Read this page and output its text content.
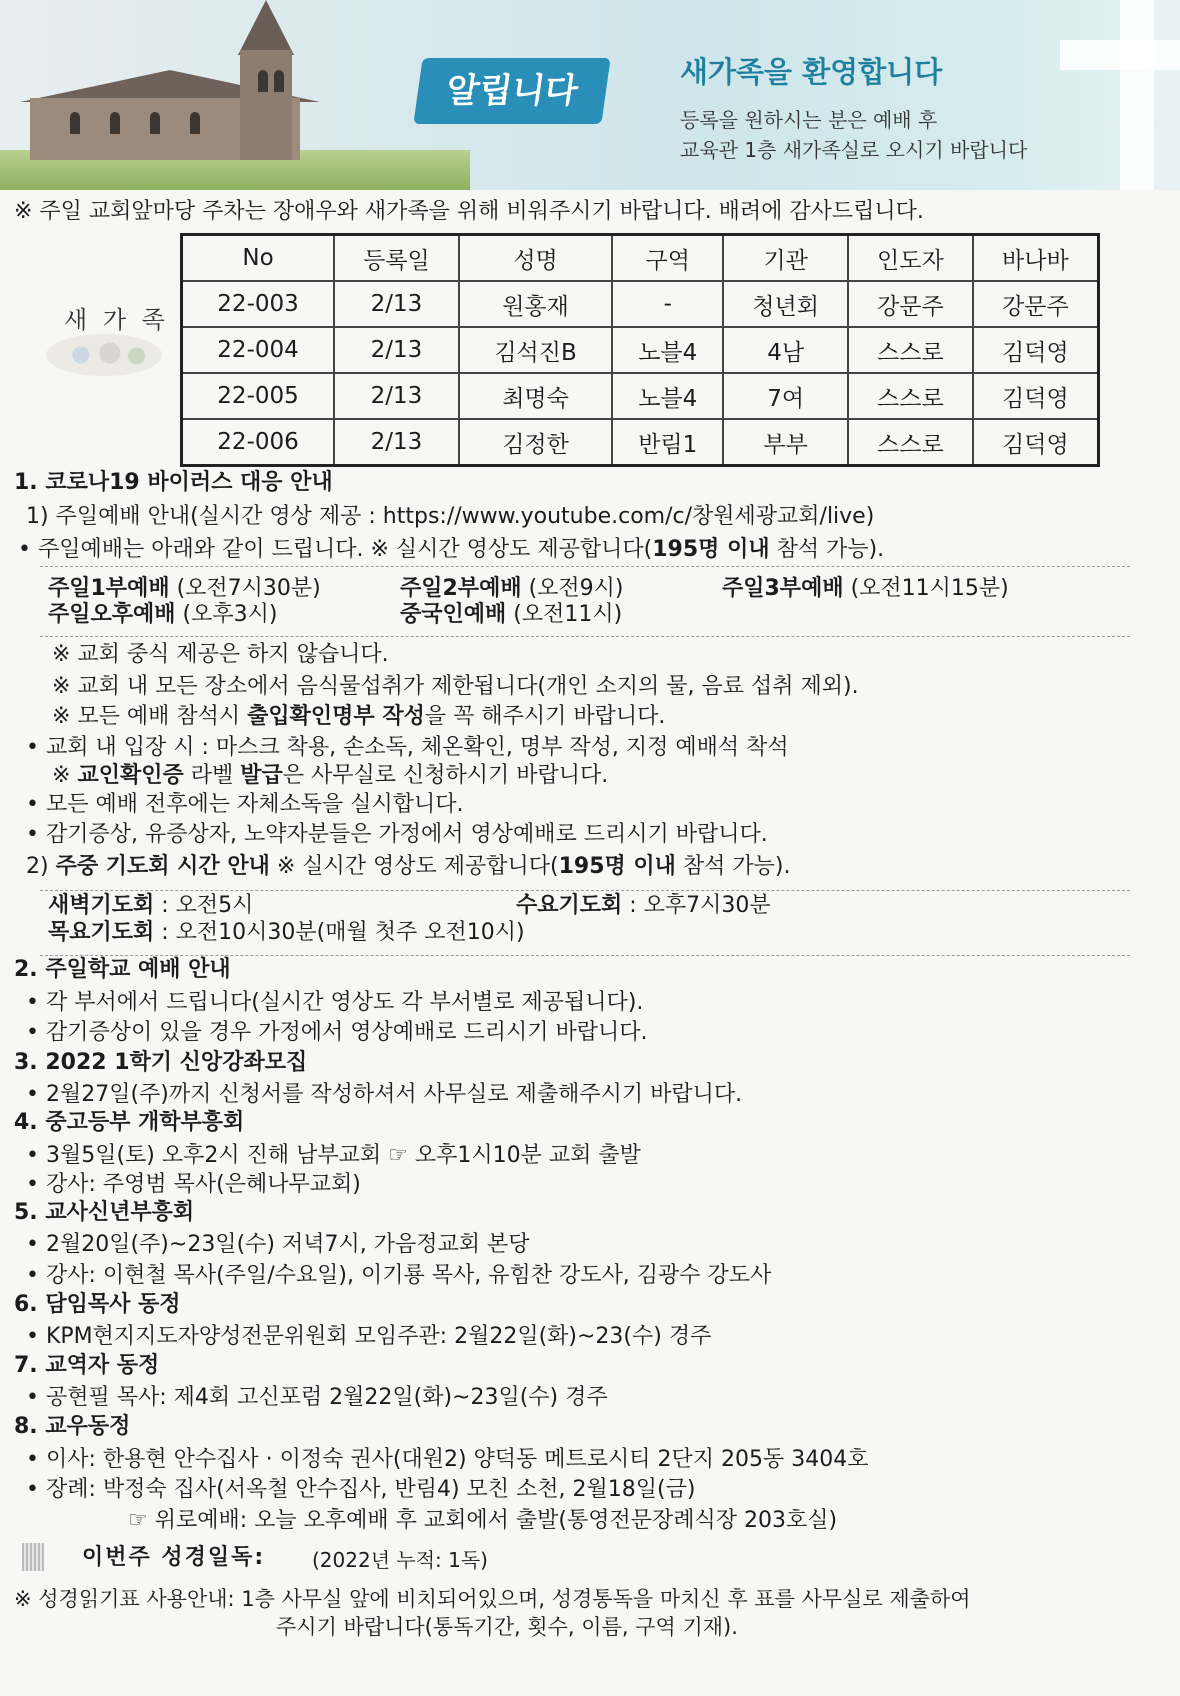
알립니다	새가족을 환영합니다
등록을 원하시는 분은 예배 후
교육관 1층 새가족실로 오시기 바랍니다
※ 주일 교회앞마당 주차는 장애우와 새가족을 위해 비워주시기 바랍니다. 배려에 감사드립니다.
새 가 족
No	등록일	성명	구역	기관	인도자	바나바
22-003	2/13	원홍재	-	청년회	강문주	강문주
22-004	2/13	김석진B	노블4	4남	스스로	김덕영
22-005	2/13	최명숙	노블4	7여	스스로	김덕영
22-006	2/13	김정한	반림1	부부	스스로	김덕영
1. 코로나19 바이러스 대응 안내
1) 주일예배 안내(실시간 영상 제공 : https://www.youtube.com/c/창원세광교회/live)
• 주일예배는 아래와 같이 드립니다. ※ 실시간 영상도 제공합니다(195명 이내 참석 가능).
주일1부예배 (오전7시30분)	주일2부예배 (오전9시)	주일3부예배 (오전11시15분)
주일오후예배 (오후3시)	중국인예배 (오전11시)
※ 교회 중식 제공은 하지 않습니다.
※ 교회 내 모든 장소에서 음식물섭취가 제한됩니다(개인 소지의 물, 음료 섭취 제외).
※ 모든 예배 참석시 출입확인명부 작성을 꼭 해주시기 바랍니다.
• 교회 내 입장 시 : 마스크 착용, 손소독, 체온확인, 명부 작성, 지정 예배석 착석
※ 교인확인증 라벨 발급은 사무실로 신청하시기 바랍니다.
• 모든 예배 전후에는 자체소독을 실시합니다.
• 감기증상, 유증상자, 노약자분들은 가정에서 영상예배로 드리시기 바랍니다.
2) 주중 기도회 시간 안내 ※ 실시간 영상도 제공합니다(195명 이내 참석 가능).
새벽기도회 : 오전5시	수요기도회 : 오후7시30분
목요기도회 : 오전10시30분(매월 첫주 오전10시)
2. 주일학교 예배 안내
• 각 부서에서 드립니다(실시간 영상도 각 부서별로 제공됩니다).
• 감기증상이 있을 경우 가정에서 영상예배로 드리시기 바랍니다.
3. 2022 1학기 신앙강좌모집
• 2월27일(주)까지 신청서를 작성하셔서 사무실로 제출해주시기 바랍니다.
4. 중고등부 개학부흥회
• 3월5일(토) 오후2시 진해 남부교회 ☞ 오후1시10분 교회 출발
• 강사: 주영범 목사(은혜나무교회)
5. 교사신년부흥회
• 2월20일(주)~23일(수) 저녁7시, 가음정교회 본당
• 강사: 이현철 목사(주일/수요일), 이기룡 목사, 유힘찬 강도사, 김광수 강도사
6. 담임목사 동정
• KPM현지지도자양성전문위원회 모임주관: 2월22일(화)~23(수) 경주
7. 교역자 동정
• 공현필 목사: 제4회 고신포럼 2월22일(화)~23일(수) 경주
8. 교우동정
• 이사: 한용현 안수집사 · 이정숙 권사(대원2) 양덕동 메트로시티 2단지 205동 3404호
• 장례: 박정숙 집사(서옥철 안수집사, 반림4) 모친 소천, 2월18일(금)
☞ 위로예배: 오늘 오후예배 후 교회에서 출발(통영전문장례식장 203호실)
이번주 성경일독: (2022년 누적: 1독)
※ 성경읽기표 사용안내: 1층 사무실 앞에 비치되어있으며, 성경통독을 마치신 후 표를 사무실로 제출하여
주시기 바랍니다(통독기간, 횟수, 이름, 구역 기재).
